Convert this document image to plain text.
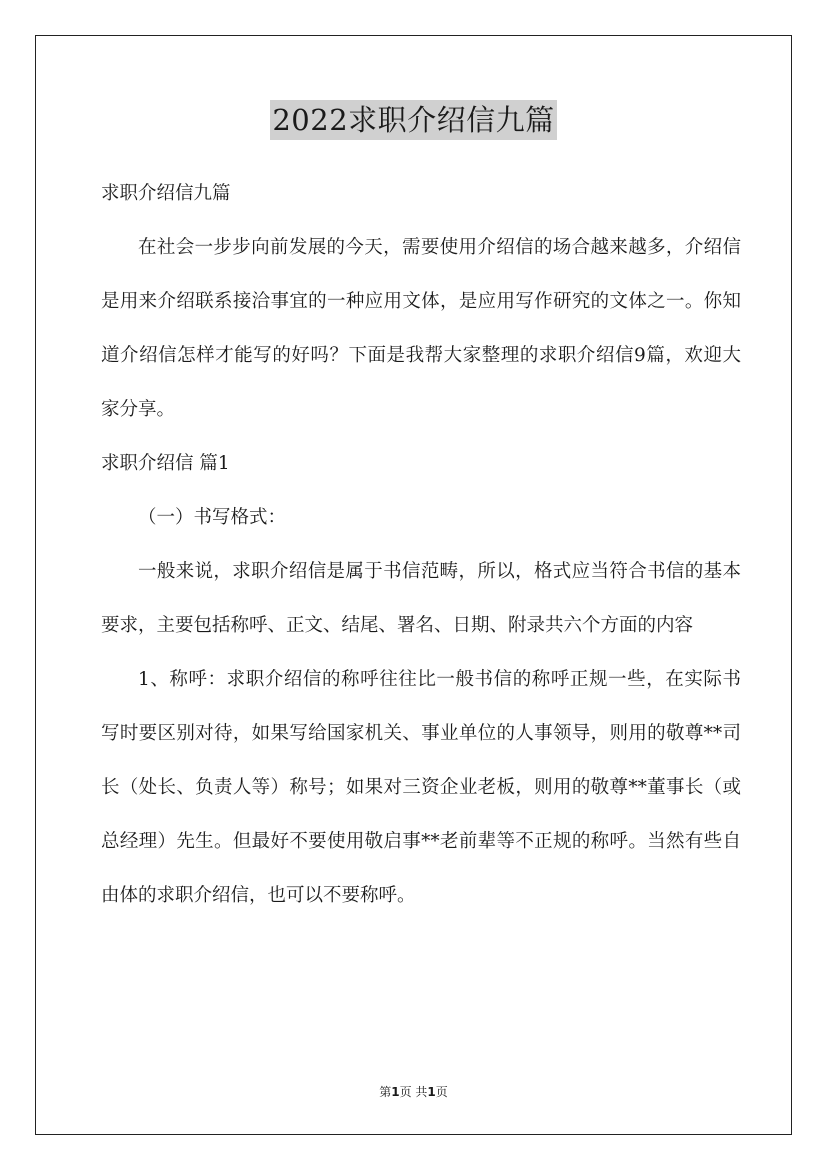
2022求职介绍信九篇

求职介绍信九篇

在社会一步步向前发展的今天，需要使用介绍信的场合越来越多，介绍信是用来介绍联系接洽事宜的一种应用文体，是应用写作研究的文体之一。你知道介绍信怎样才能写的好吗？下面是我帮大家整理的求职介绍信9篇，欢迎大家分享。

求职介绍信 篇1

（一）书写格式：

一般来说，求职介绍信是属于书信范畴，所以，格式应当符合书信的基本要求，主要包括称呼、正文、结尾、署名、日期、附录共六个方面的内容

1、称呼：求职介绍信的称呼往往比一般书信的称呼正规一些，在实际书写时要区别对待，如果写给国家机关、事业单位的人事领导，则用的敬尊**司长（处长、负责人等）称号；如果对三资企业老板，则用的敬尊**董事长（或总经理）先生。但最好不要使用敬启事**老前辈等不正规的称呼。当然有些自由体的求职介绍信，也可以不要称呼。

第1页 共1页
